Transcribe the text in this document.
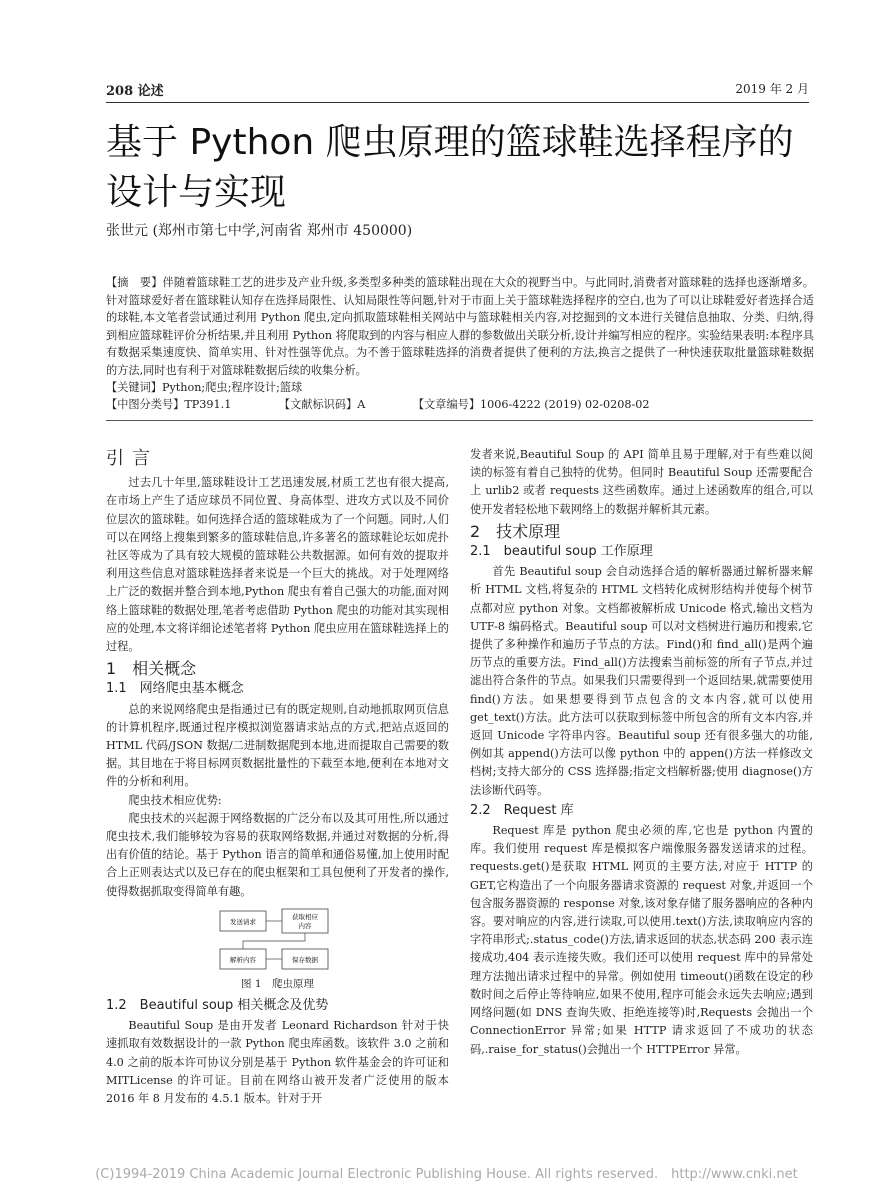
208 论述	2019 年 2 月
基于 Python 爬虫原理的篮球鞋选择程序的设计与实现
张世元 (郑州市第七中学,河南省 郑州市 450000)
【摘　要】伴随着篮球鞋工艺的进步及产业升级,多类型多种类的篮球鞋出现在大众的视野当中。与此同时,消费者对篮球鞋的选择也逐渐增多。针对篮球爱好者在篮球鞋认知存在选择局限性、认知局限性等问题,针对于市面上关于篮球鞋选择程序的空白,也为了可以让球鞋爱好者选择合适的球鞋,本文笔者尝试通过利用 Python 爬虫,定向抓取篮球鞋相关网站中与篮球鞋相关内容,对挖掘到的文本进行关键信息抽取、分类、归纳,得到相应篮球鞋评价分析结果,并且利用 Python 将爬取到的内容与相应人群的参数做出关联分析,设计并编写相应的程序。实验结果表明:本程序具有数据采集速度快、简单实用、针对性强等优点。为不善于篮球鞋选择的消费者提供了便利的方法,换言之提供了一种快速获取批量篮球鞋数据的方法,同时也有利于对篮球鞋数据后续的收集分析。
【关键词】Python;爬虫;程序设计;篮球
【中图分类号】TP391.1	【文献标识码】A	【文章编号】1006-4222 (2019) 02-0208-02
引言

过去几十年里,篮球鞋设计工艺迅速发展,材质工艺也有很大提高,在市场上产生了适应球员不同位置、身高体型、进攻方式以及不同价位层次的篮球鞋。如何选择合适的篮球鞋成为了一个问题。同时,人们可以在网络上搜集到繁多的篮球鞋信息,许多著名的篮球鞋论坛如虎扑社区等成为了具有较大规模的篮球鞋公共数据源。如何有效的提取并利用这些信息对篮球鞋选择者来说是一个巨大的挑战。对于处理网络上广泛的数据并整合到本地,Python 爬虫有着自己强大的功能,面对网络上篮球鞋的数据处理,笔者考虑借助 Python 爬虫的功能对其实现相应的处理,本文将详细论述笔者将 Python 爬虫应用在篮球鞋选择上的过程。

1　相关概念
1.1　网络爬虫基本概念

总的来说网络爬虫是指通过已有的既定规则,自动地抓取网页信息的计算机程序,既通过程序模拟浏览器请求站点的方式,把站点返回的 HTML 代码/JSON 数据/二进制数据爬到本地,进而提取自己需要的数据。其目地在于将目标网页数据批量性的下载至本地,便利在本地对文件的分析和利用。

爬虫技术相应优势:

爬虫技术的兴起源于网络数据的广泛分布以及其可用性,所以通过爬虫技术,我们能够较为容易的获取网络数据,并通过对数据的分析,得出有价值的结论。基于 Python 语言的简单和通俗易懂,加上使用时配合上正则表达式以及已存在的爬虫框架和工具包便利了开发者的操作,使得数据抓取变得简单有趣。

发送请求
获取相应
内容
解析内容	保存数据
图 1　爬虫原理
1.2　Beautiful soup 相关概念及优势

Beautiful Soup 是由开发者 Leonard Richardson 针对于快速抓取有效数据设计的一款 Python 爬虫库函数。该软件 3.0 之前和 4.0 之前的版本许可协议分别是基于 Python 软件基金会的许可证和 MITLicense 的许可证。目前在网络山被开发者广泛使用的版本 2016 年 8 月发布的 4.5.1 版本。针对于开

发者来说,Beautiful Soup 的 API 简单且易于理解,对于有些难以阅读的标签有着自己独特的优势。但同时 Beautiful Soup 还需要配合上 urlib2 或者 requests 这些函数库。通过上述函数库的组合,可以使开发者轻松地下载网络上的数据并解析其元素。

2　技术原理
2.1　beautiful soup 工作原理

首先 Beautiful soup 会自动选择合适的解析器通过解析器来解析 HTML 文档,将复杂的 HTML 文档转化成树形结构并使每个树节点都对应 python 对象。文档都被解析成 Unicode 格式,输出文档为 UTF-8 编码格式。Beautiful soup 可以对文档树进行遍历和搜索,它提供了多种操作和遍历子节点的方法。Find()和 find_all()是两个遍历节点的重要方法。Find_all()方法搜索当前标签的所有子节点,并过滤出符合条件的节点。如果我们只需要得到一个返回结果,就需要使用 find()方法。如果想要得到节点包含的文本内容,就可以使用 get_text()方法。此方法可以获取到标签中所包含的所有文本内容,并返回 Unicode 字符串内容。Beautiful soup 还有很多强大的功能,例如其 append()方法可以像 python 中的 appen()方法一样修改文档树;支持大部分的 CSS 选择器;指定文档解析器;使用 diagnose()方法诊断代码等。

2.2　Request 库

Request 库是 python 爬虫必须的库,它也是 python 内置的库。我们使用 request 库是模拟客户端像服务器发送请求的过程。requests.get()是获取 HTML 网页的主要方法,对应于 HTTP 的 GET,它构造出了一个向服务器请求资源的 request 对象,并返回一个包含服务器资源的 response 对象,该对象存储了服务器响应的各种内容。要对响应的内容,进行读取,可以使用.text()方法,读取响应内容的字符串形式;.status_code()方法,请求返回的状态,状态码 200 表示连接成功,404 表示连接失败。我们还可以使用 request 库中的异常处理方法抛出请求过程中的异常。例如使用 timeout()函数在设定的秒数时间之后停止等待响应,如果不使用,程序可能会永远失去响应;遇到网络问题(如 DNS 查询失败、拒绝连接等)时,Requests 会抛出一个 ConnectionError 异常;如果 HTTP 请求返回了不成功的状态码,.raise_for_status()会抛出一个 HTTPError 异常。

(C)1994-2019 China Academic Journal Electronic Publishing House. All rights reserved.　http://www.cnki.net
